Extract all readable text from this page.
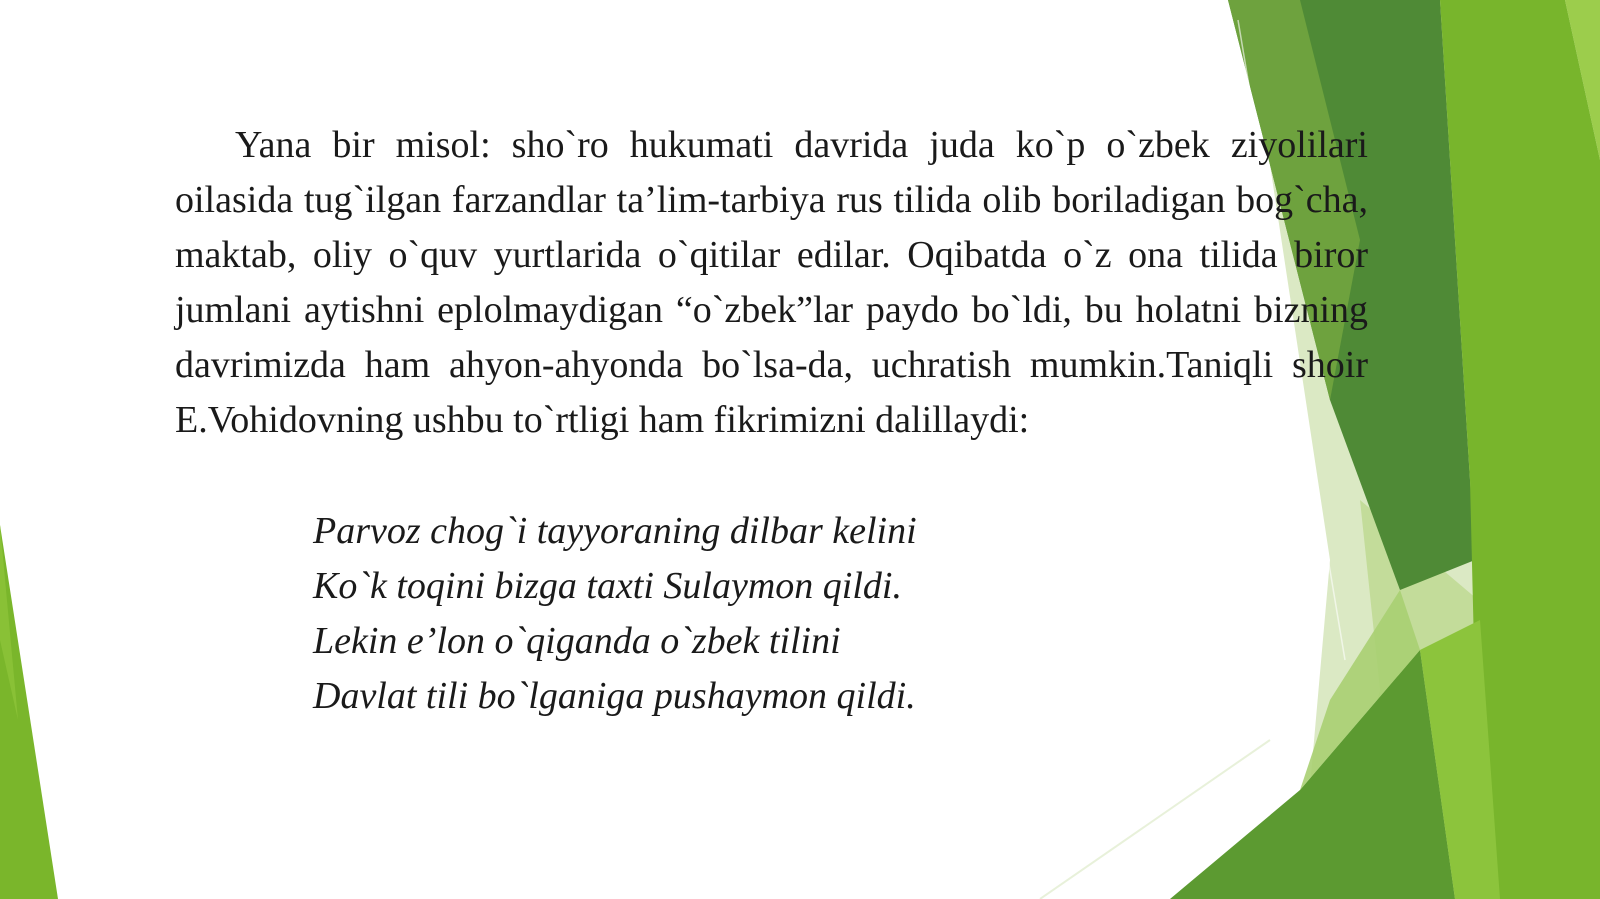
Yana bir misol: sho`ro hukumati davrida juda ko`p o`zbek ziyolilari oilasida tug`ilgan farzandlar ta’lim-tarbiya rus tilida olib boriladigan bog`cha, maktab, oliy o`quv yurtlarida o`qitilar edilar. Oqibatda o`z ona tilida biror jumlani aytishni eplolmaydigan “o`zbek”lar paydo bo`ldi, bu holatni bizning davrimizda ham ahyon-ahyonda bo`lsa-da, uchratish mumkin.Taniqli shoir E.Vohidovning ushbu to`rtligi ham fikrimizni dalillaydi:

Parvoz chog`i tayyoraning dilbar kelini
Ko`k toqini bizga taxti Sulaymon qildi.
Lekin e’lon o`qiganda o`zbek tilini
Davlat tili bo`lganiga pushaymon qildi.
